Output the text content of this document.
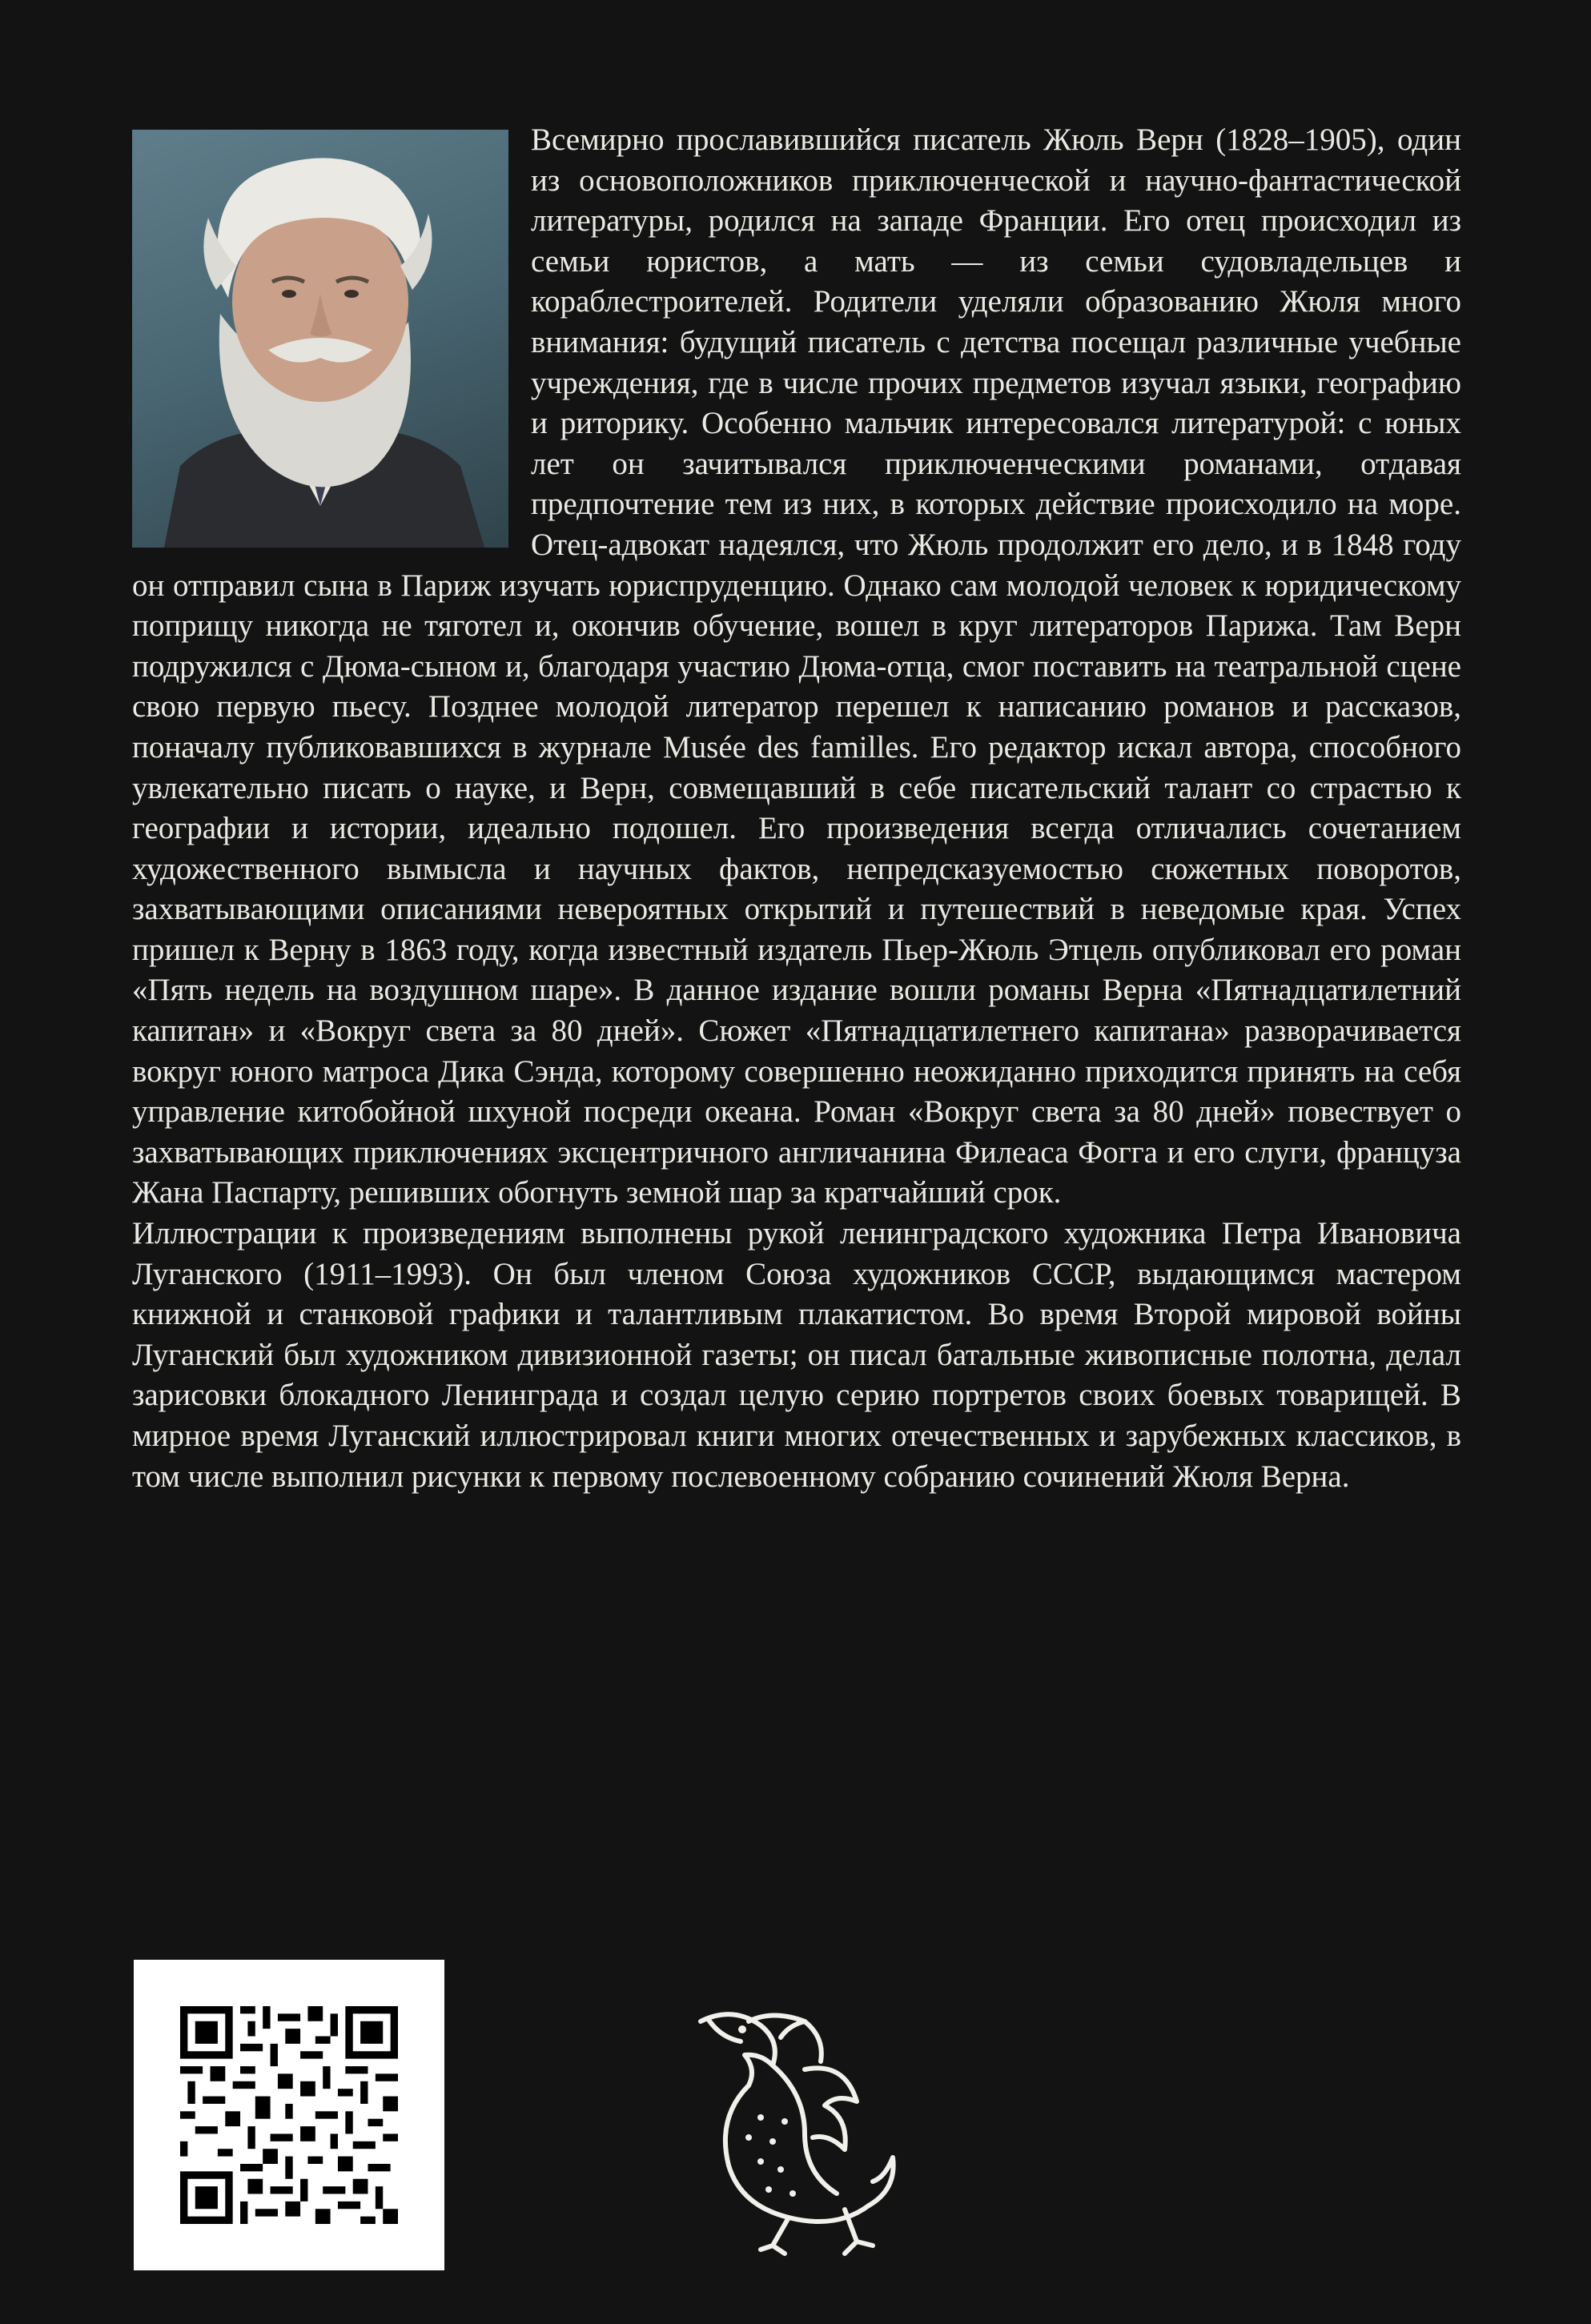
Всемирно прославившийся писатель Жюль Верн (1828–1905), один из основоположников приключенческой и научно-фантастической литературы, родился на западе Франции. Его отец происходил из семьи юристов, а мать — из семьи судовладельцев и кораблестроителей. Родители уделяли образованию Жюля много внимания: будущий писатель с детства посещал различные учебные учреждения, где в числе прочих предметов изучал языки, географию и риторику. Особенно мальчик интересовался литературой: с юных лет он зачитывался приключенческими романами, отдавая предпочтение тем из них, в которых действие происходило на море. Отец-адвокат надеялся, что Жюль продолжит его дело, и в 1848 году он отправил сына в Париж изучать юриспруденцию. Однако сам молодой человек к юридическому поприщу никогда не тяготел и, окончив обучение, вошел в круг литераторов Парижа. Там Верн подружился с Дюма-сыном и, благодаря участию Дюма-отца, смог поставить на театральной сцене свою первую пьесу. Позднее молодой литератор перешел к написанию романов и рассказов, поначалу публиковавшихся в журнале Musée des familles. Его редактор искал автора, способного увлекательно писать о науке, и Верн, совмещавший в себе писательский талант со страстью к географии и истории, идеально подошел. Его произведения всегда отличались сочетанием художественного вымысла и научных фактов, непредсказуемостью сюжетных поворотов, захватывающими описаниями невероятных открытий и путешествий в неведомые края. Успех пришел к Верну в 1863 году, когда известный издатель Пьер-Жюль Этцель опубликовал его роман «Пять недель на воздушном шаре». В данное издание вошли романы Верна «Пятнадцатилетний капитан» и «Вокруг света за 80 дней». Сюжет «Пятнадцатилетнего капитана» разворачивается вокруг юного матроса Дика Сэнда, которому совершенно неожиданно приходится принять на себя управление китобойной шхуной посреди океана. Роман «Вокруг света за 80 дней» повествует о захватывающих приключениях эксцентричного англичанина Филеаса Фогга и его слуги, француза Жана Паспарту, решивших обогнуть земной шар за кратчайший срок.

Иллюстрации к произведениям выполнены рукой ленинградского художника Петра Ивановича Луганского (1911–1993). Он был членом Союза художников СССР, выдающимся мастером книжной и станковой графики и талантливым плакатистом. Во время Второй мировой войны Луганский был художником дивизионной газеты; он писал батальные живописные полотна, делал зарисовки блокадного Ленинграда и создал целую серию портретов своих боевых товарищей. В мирное время Луганский иллюстрировал книги многих отечественных и зарубежных классиков, в том числе выполнил рисунки к первому послевоенному собранию сочинений Жюля Верна.
